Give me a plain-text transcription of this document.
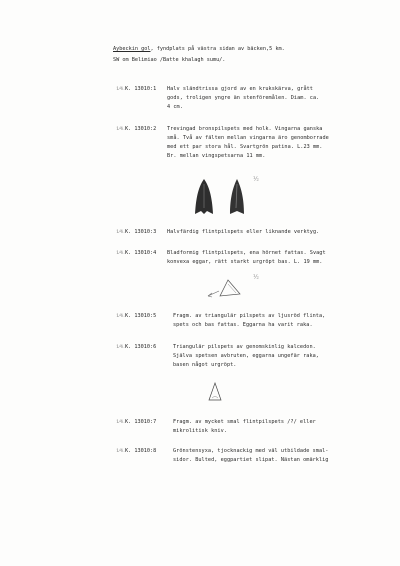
Aybeckin gol, fyndplats på västra sidan av bäcken,5 km.
SW om Belimiao /Batte khalagh sumu/.
1⁄4. K. 13010:1 Halv sländtrissa gjord av en krukskärva, grått
gods, troligen yngre än stenföremålen. Diam. ca.
4 cm.
1⁄4. K. 13010:2 Trevingad bronspilspets med holk. Vingarna ganska
små. Två av fälten mellan vingarna äro genomborrade
med ett par stora hål. Svartgrön patina. L.23 mm.
Br. mellan vingspetsarna 11 mm.
½
1⁄4. K. 13010:3 Halvfärdig flintpilspets eller liknande verktyg.
1⁄4. K. 13010:4 Bladformig flintpilspets, ena hörnet fattas. Svagt
konvexa eggar, rätt starkt urgröpt bas. L. 19 mm.
½
1⁄4. K. 13010:5	Fragm. av triangulär pilspets av ljusröd flinta,
spets och bas fattas. Eggarna ha varit raka.
1⁄4. K. 13010:6	Triangulär pilspets av genomskinlig kalcedon.
Själva spetsen avbruten, eggarna ungefär raka,
basen något urgröpt.
1⁄4. K. 13010:7	Fragm. av mycket smal flintpilspets /?/ eller
mikrolitisk kniv.
1⁄4. K. 13010:8	Grönstensyxa, tjocknackig med väl utbildade smal-
sidor. Bulted, eggpartiet slipat. Nästan omärklig
